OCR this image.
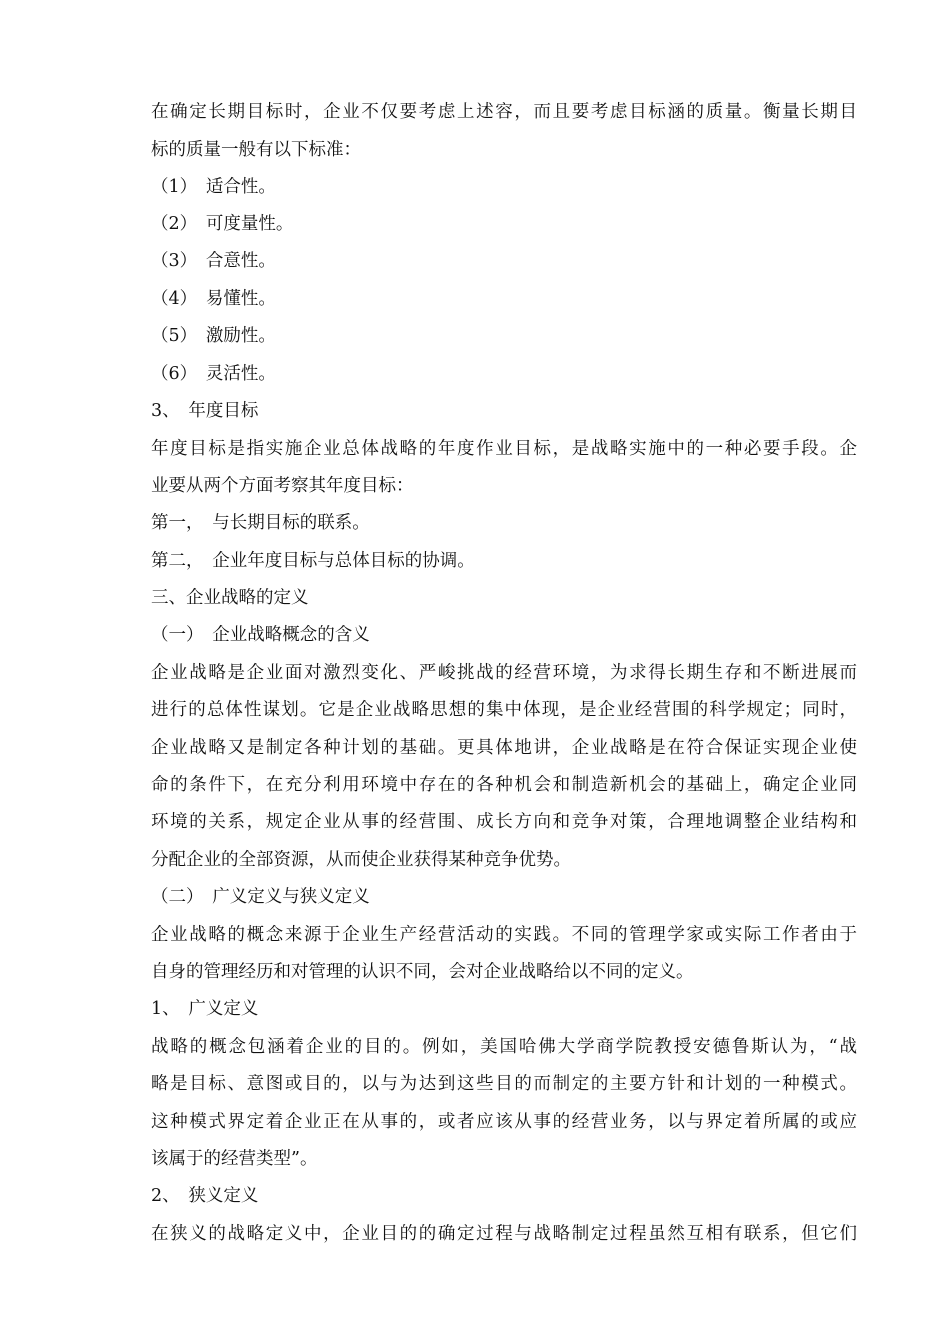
在确定长期目标时，企业不仅要考虑上述容，而且要考虑目标涵的质量。衡量长期目

标的质量一般有以下标准：

（1）　适合性。

（2）　可度量性。

（3）　合意性。

（4）　易懂性。

（5）　激励性。

（6）　灵活性。

3、　年度目标

年度目标是指实施企业总体战略的年度作业目标，是战略实施中的一种必要手段。企

业要从两个方面考察其年度目标：

第一，　与长期目标的联系。

第二，　企业年度目标与总体目标的协调。

三、企业战略的定义

（一）　企业战略概念的含义

企业战略是企业面对激烈变化、严峻挑战的经营环境，为求得长期生存和不断进展而

进行的总体性谋划。它是企业战略思想的集中体现，是企业经营围的科学规定；同时，

企业战略又是制定各种计划的基础。更具体地讲，企业战略是在符合保证实现企业使

命的条件下，在充分利用环境中存在的各种机会和制造新机会的基础上，确定企业同

环境的关系，规定企业从事的经营围、成长方向和竞争对策，合理地调整企业结构和

分配企业的全部资源，从而使企业获得某种竞争优势。

（二）　广义定义与狭义定义

企业战略的概念来源于企业生产经营活动的实践。不同的管理学家或实际工作者由于

自身的管理经历和对管理的认识不同，会对企业战略给以不同的定义。

1、　广义定义

战略的概念包涵着企业的目的。例如，美国哈佛大学商学院教授安德鲁斯认为，“战

略是目标、意图或目的，以与为达到这些目的而制定的主要方针和计划的一种模式。

这种模式界定着企业正在从事的，或者应该从事的经营业务，以与界定着所属的或应

该属于的经营类型”。

2、　狭义定义

在狭义的战略定义中，企业目的的确定过程与战略制定过程虽然互相有联系，但它们
